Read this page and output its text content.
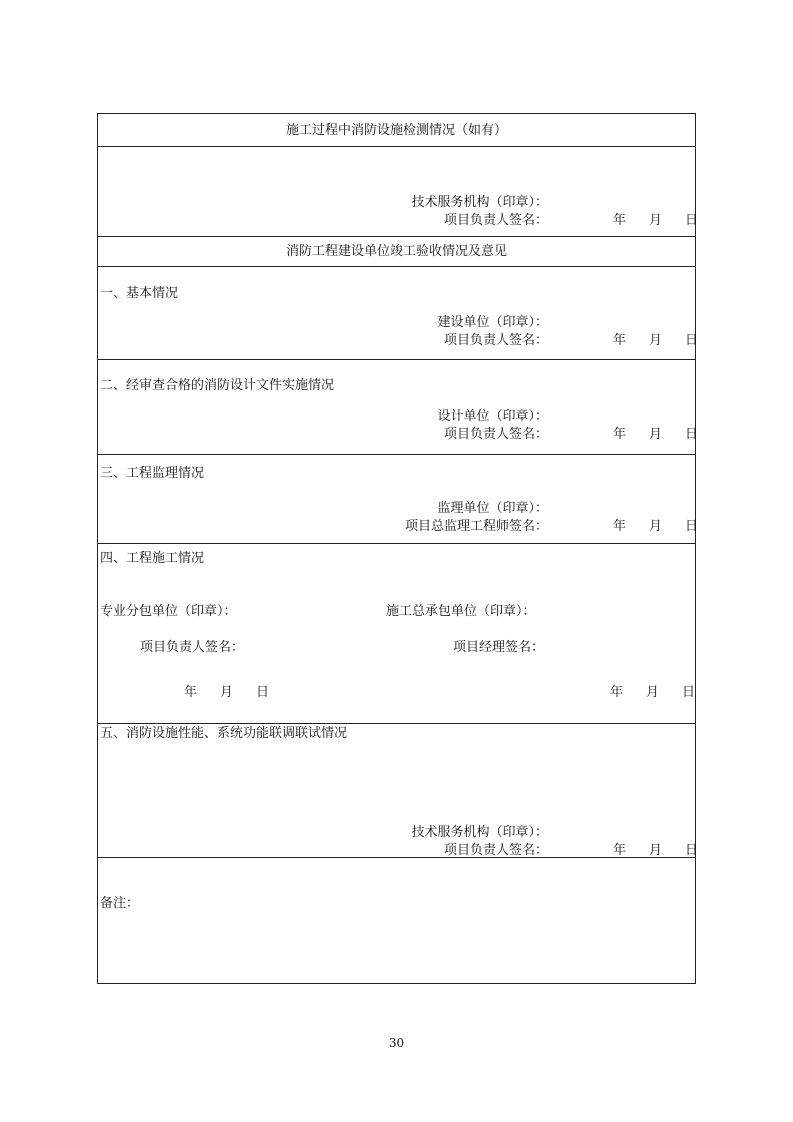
施工过程中消防设施检测情况（如有）
技术服务机构（印章）：
项目负责人签名：	年 月 日
消防工程建设单位竣工验收情况及意见
一、基本情况
建设单位（印章）：
项目负责人签名：	年 月 日
二、经审查合格的消防设计文件实施情况
设计单位（印章）：
项目负责人签名：	年 月 日
三、工程监理情况
监理单位（印章）：
项目总监理工程师签名：	年 月 日
四、工程施工情况
专业分包单位（印章）：	施工总承包单位（印章）：
项目负责人签名：	项目经理签名：
年 月 日	年 月 日
五、消防设施性能、系统功能联调联试情况
技术服务机构（印章）：
项目负责人签名：	年 月 日
备注：
30
